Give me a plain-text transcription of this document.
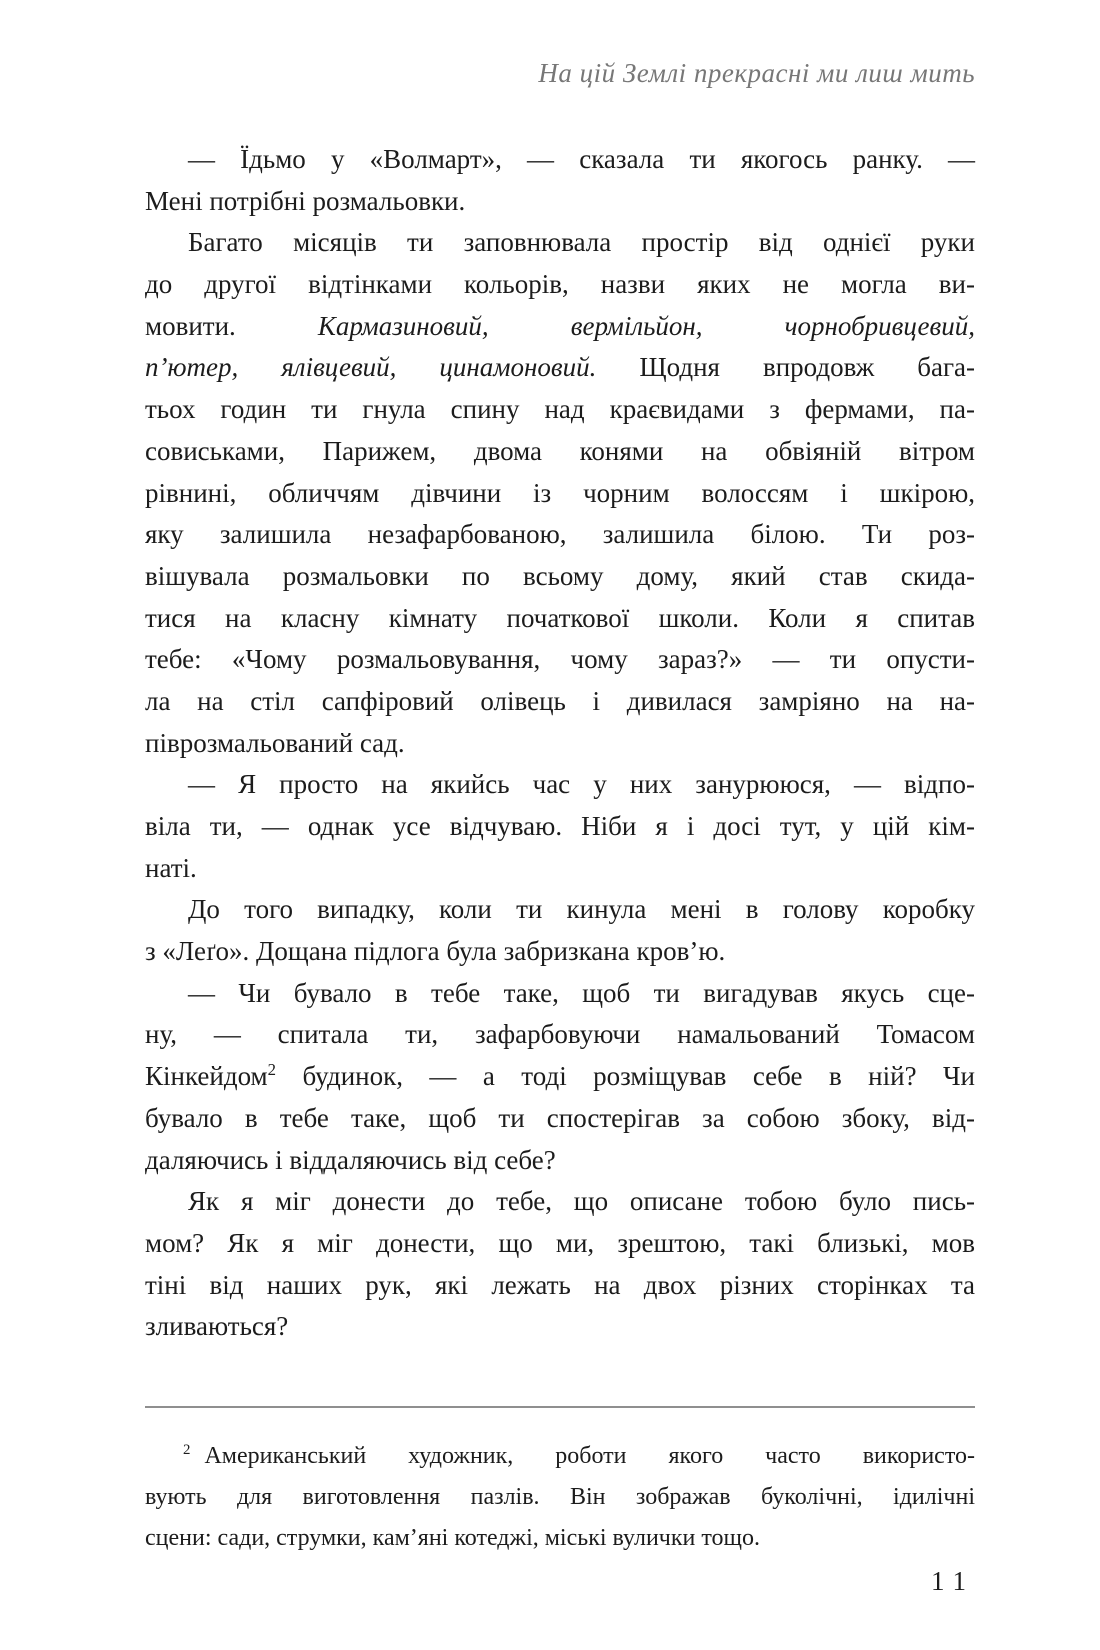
На цій Землі прекрасні ми лиш мить
— Їдьмо у «Волмарт», — сказала ти якогось ранку. —
Мені потрібні розмальовки.
Багато місяців ти заповнювала простір від однієї руки
до другої відтінками кольорів, назви яких не могла ви-
мовити. Кармазиновий, вермільйон, чорнобривцевий,
п’ютер, ялівцевий, цинамоновий. Щодня впродовж бага-
тьох годин ти гнула спину над краєвидами з фермами, па-
совиськами, Парижем, двома конями на обвіяній вітром
рівнині, обличчям дівчини із чорним волоссям і шкірою,
яку залишила незафарбованою, залишила білою. Ти роз-
вішувала розмальовки по всьому дому, який став скида-
тися на класну кімнату початкової школи. Коли я спитав
тебе: «Чому розмальовування, чому зараз?» — ти опусти-
ла на стіл сапфіровий олівець і дивилася замріяно на на-
піврозмальований сад.
— Я просто на якийсь час у них занурююся, — відпо-
віла ти, — однак усе відчуваю. Ніби я і досі тут, у цій кім-
наті.
До того випадку, коли ти кинула мені в голову коробку
з «Леґо». Дощана підлога була забризкана кров’ю.
— Чи бувало в тебе таке, щоб ти вигадував якусь сце-
ну, — спитала ти, зафарбовуючи намальований Томасом
Кінкейдом$^2$ будинок, — а тоді розміщував себе в ній? Чи
бувало в тебе таке, щоб ти спостерігав за собою збоку, від-
даляючись і віддаляючись від себе?
Як я міг донести до тебе, що описане тобою було пись-
мом? Як я міг донести, що ми, зрештою, такі близькі, мов
тіні від наших рук, які лежать на двох різних сторінках та
зливаються?
$^2$ Американський художник, роботи якого часто використо-
вують для виготовлення пазлів. Він зображав буколічні, ідилічні
сцени: сади, струмки, кам’яні котеджі, міські вулички тощо.
11
